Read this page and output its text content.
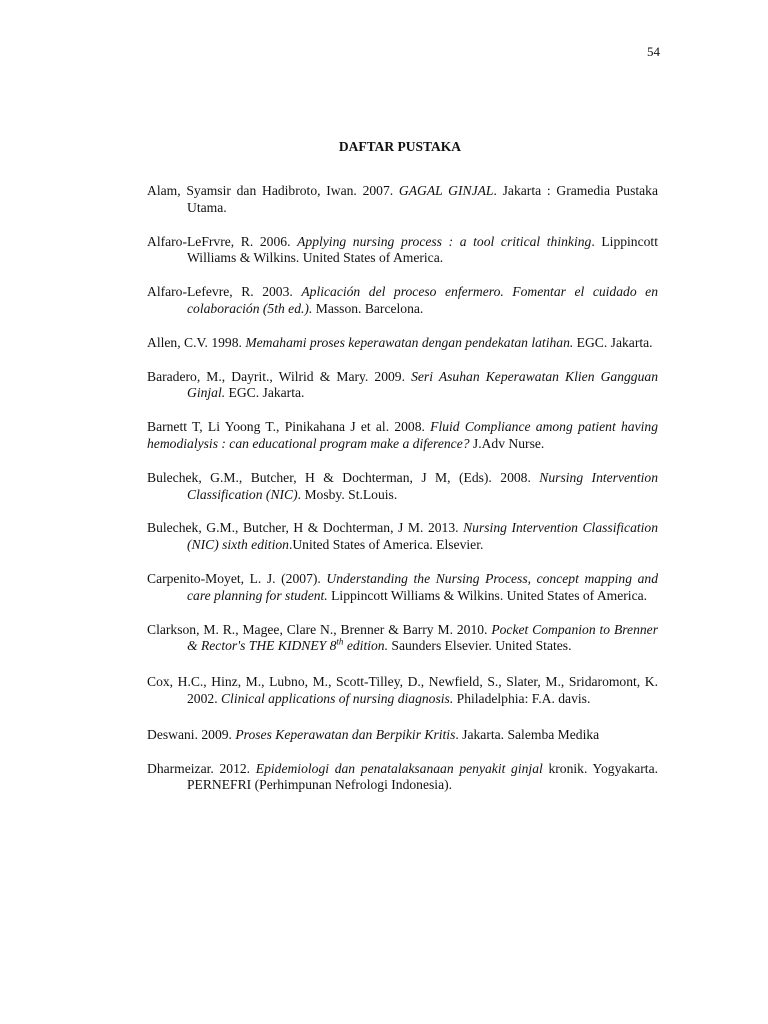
54
DAFTAR PUSTAKA

Alam, Syamsir dan Hadibroto, Iwan. 2007. GAGAL GINJAL. Jakarta : Gramedia Pustaka Utama.

Alfaro-LeFrvre, R. 2006. Applying nursing process : a tool critical thinking. Lippincott Williams & Wilkins. United States of America.

Alfaro-Lefevre, R. 2003. Aplicación del proceso enfermero. Fomentar el cuidado en colaboración (5th ed.). Masson. Barcelona.

Allen, C.V. 1998. Memahami proses keperawatan dengan pendekatan latihan. EGC. Jakarta.

Baradero, M., Dayrit., Wilrid & Mary. 2009. Seri Asuhan Keperawatan Klien Gangguan Ginjal. EGC. Jakarta.

Barnett T, Li Yoong T., Pinikahana J et al. 2008. Fluid Compliance among patient having hemodialysis : can educational program make a diference? J.Adv Nurse.

Bulechek, G.M., Butcher, H & Dochterman, J M, (Eds). 2008. Nursing Intervention Classification (NIC). Mosby. St.Louis.

Bulechek, G.M., Butcher, H & Dochterman, J M. 2013. Nursing Intervention Classification (NIC) sixth edition.United States of America. Elsevier.

Carpenito-Moyet, L. J. (2007). Understanding the Nursing Process, concept mapping and care planning for student. Lippincott Williams & Wilkins. United States of America.

Clarkson, M. R., Magee, Clare N., Brenner & Barry M. 2010. Pocket Companion to Brenner & Rector's THE KIDNEY 8th edition. Saunders Elsevier. United States.

Cox, H.C., Hinz, M., Lubno, M., Scott-Tilley, D., Newfield, S., Slater, M., Sridaromont, K. 2002. Clinical applications of nursing diagnosis. Philadelphia: F.A. davis.

Deswani. 2009. Proses Keperawatan dan Berpikir Kritis. Jakarta. Salemba Medika

Dharmeizar. 2012. Epidemiologi dan penatalaksanaan penyakit ginjal kronik. Yogyakarta. PERNEFRI (Perhimpunan Nefrologi Indonesia).
